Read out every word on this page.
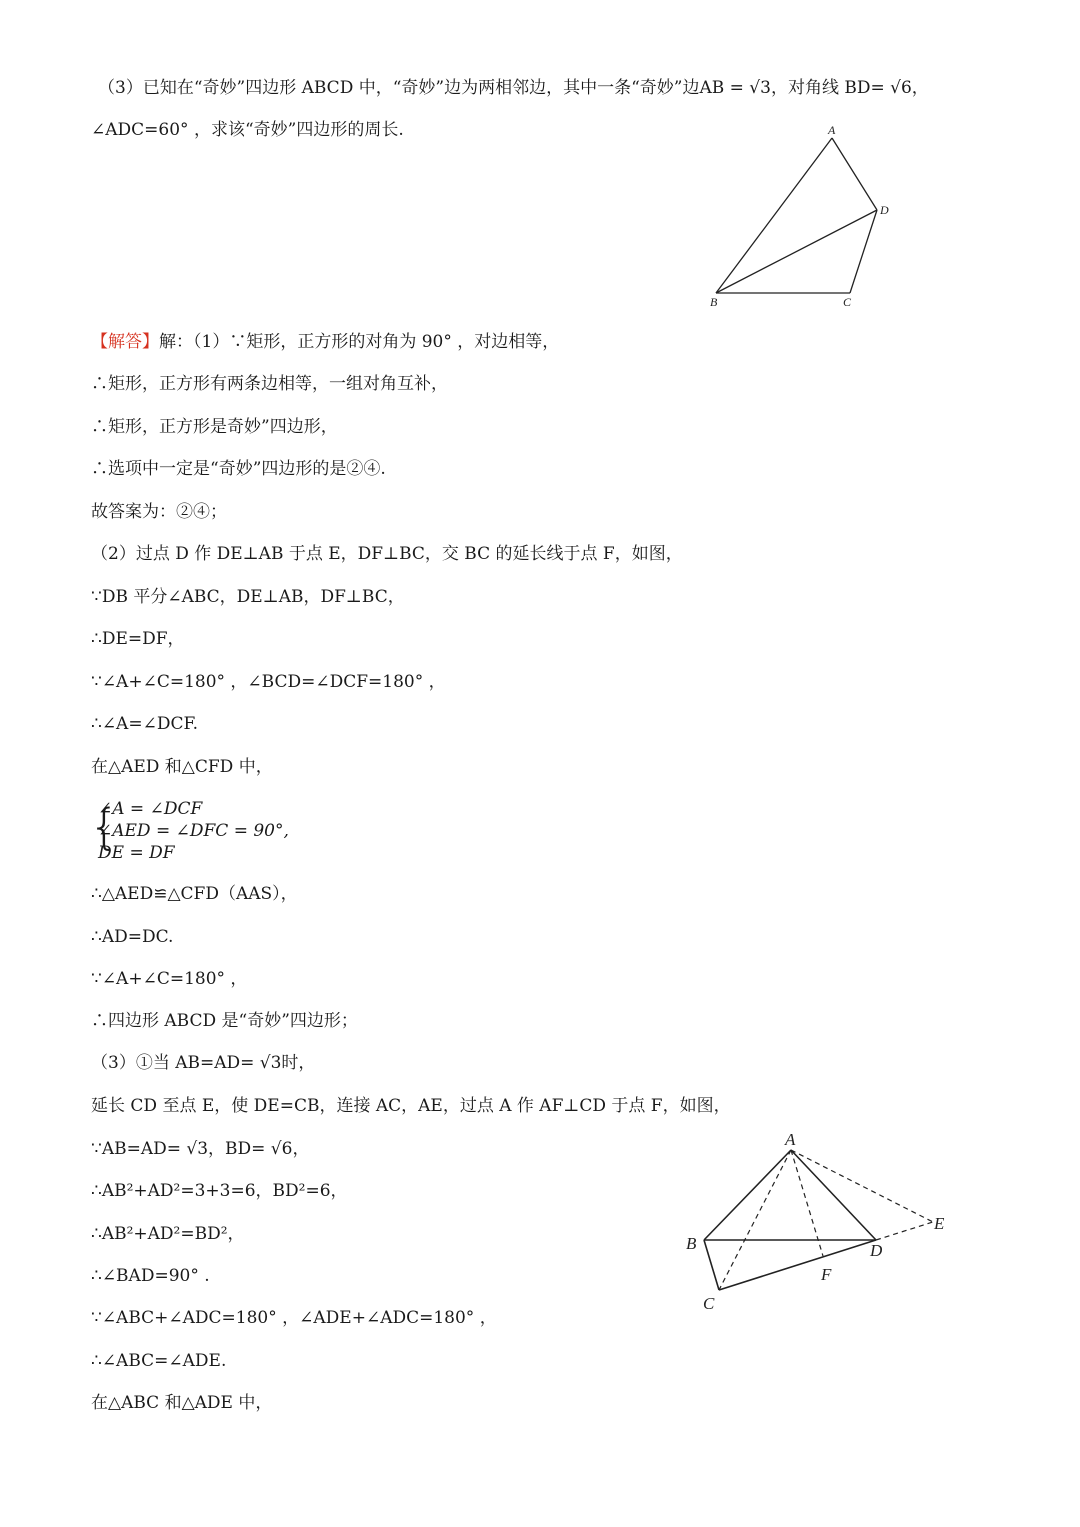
（3）已知在“奇妙”四边形 ABCD 中，“奇妙”边为两相邻边，其中一条“奇妙”边AB = √3，对角线 BD= √6，
∠ADC=60° ，求该“奇妙”四边形的周长.	A
D
B	C
【解答】解：（1）∵矩形，正方形的对角为 90° ，对边相等，
∴矩形，正方形有两条边相等，一组对角互补，
∴矩形，正方形是奇妙”四边形，
∴选项中一定是“奇妙”四边形的是②④.
故答案为：②④；
（2）过点 D 作 DE⊥AB 于点 E，DF⊥BC，交 BC 的延长线于点 F，如图，
∵DB 平分∠ABC，DE⊥AB，DF⊥BC，
∴DE=DF，
∵∠A+∠C=180° ，∠BCD=∠DCF=180° ，
∴∠A=∠DCF.
在△AED 和△CFD 中，
{
∠A = ∠DCF
∠AED = ∠DFC = 90°,
DE = DF
∴△AED≌△CFD（AAS），
∴AD=DC.
∵∠A+∠C=180° ，
∴四边形 ABCD 是“奇妙”四边形；
（3）①当 AB=AD= √3时，
延长 CD 至点 E，使 DE=CB，连接 AC，AE，过点 A 作 AF⊥CD 于点 F，如图，
∵AB=AD= √3，BD= √6，
∴AB²+AD²=3+3=6，BD²=6，
∴AB²+AD²=BD²，
∴∠BAD=90° .
∵∠ABC+∠ADC=180° ，∠ADE+∠ADC=180° ，
∴∠ABC=∠ADE.
在△ABC 和△ADE 中，
A
B
C
D
E
F
